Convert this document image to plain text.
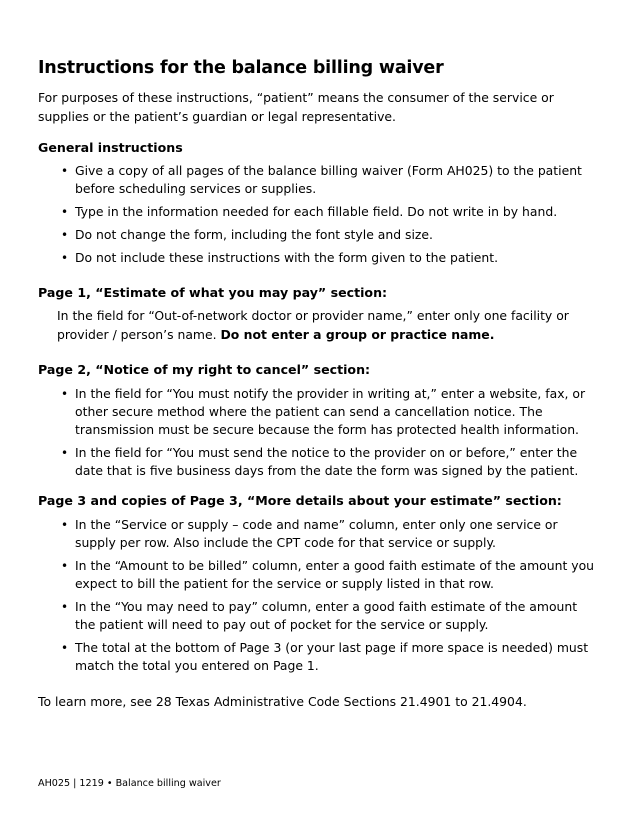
Instructions for the balance billing waiver
For purposes of these instructions, “patient” means the consumer of the service or supplies or the patient’s guardian or legal representative.
General instructions
• Give a copy of all pages of the balance billing waiver (Form AH025) to the patient before scheduling services or supplies.
• Type in the information needed for each fillable field. Do not write in by hand.
• Do not change the form, including the font style and size.
• Do not include these instructions with the form given to the patient.
Page 1, “Estimate of what you may pay” section:
In the field for “Out-of-network doctor or provider name,” enter only one facility or provider / person’s name. Do not enter a group or practice name.
Page 2, “Notice of my right to cancel” section:
• In the field for “You must notify the provider in writing at,” enter a website, fax, or other secure method where the patient can send a cancellation notice. The transmission must be secure because the form has protected health information.
• In the field for “You must send the notice to the provider on or before,” enter the date that is five business days from the date the form was signed by the patient.
Page 3 and copies of Page 3, “More details about your estimate” section:
• In the “Service or supply – code and name” column, enter only one service or supply per row. Also include the CPT code for that service or supply.
• In the “Amount to be billed” column, enter a good faith estimate of the amount you expect to bill the patient for the service or supply listed in that row.
• In the “You may need to pay” column, enter a good faith estimate of the amount the patient will need to pay out of pocket for the service or supply.
• The total at the bottom of Page 3 (or your last page if more space is needed) must match the total you entered on Page 1.
To learn more, see 28 Texas Administrative Code Sections 21.4901 to 21.4904.
AH025 | 1219 • Balance billing waiver
